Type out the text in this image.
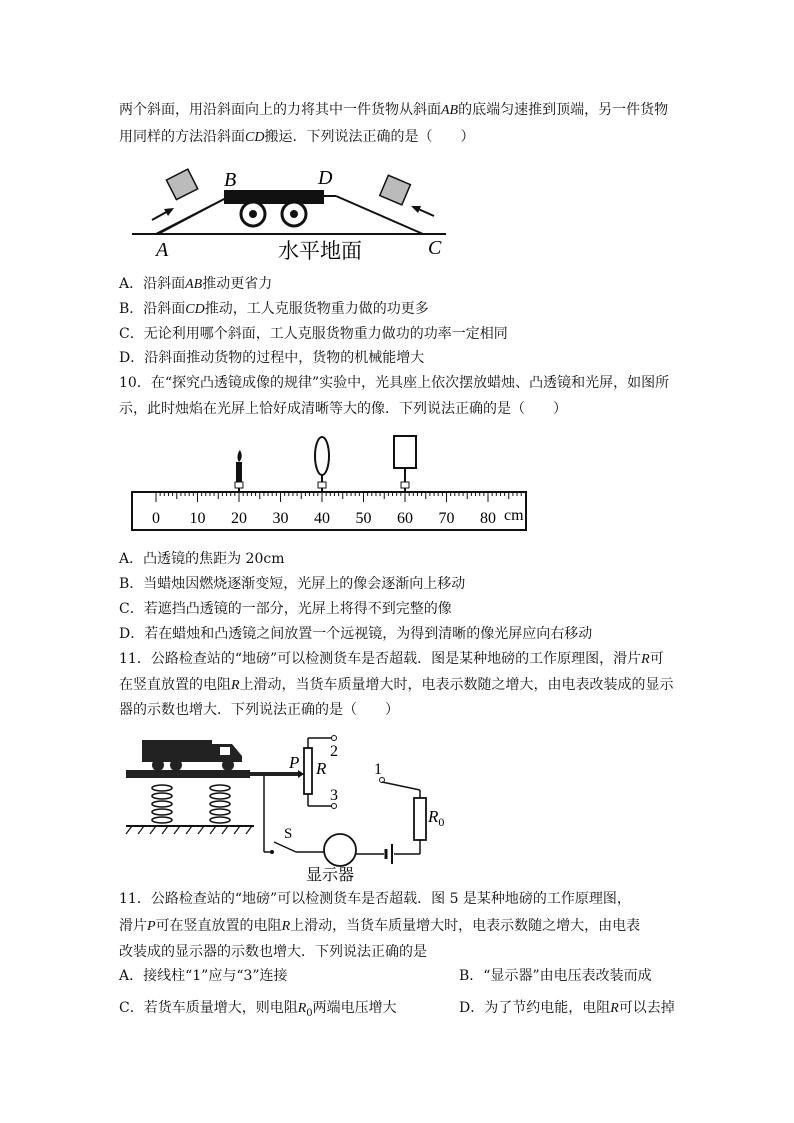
两个斜面，用沿斜面向上的力将其中一件货物从斜面AB的底端匀速推到顶端，另一件货物
用同样的方法沿斜面CD搬运．下列说法正确的是（　　）
A
B	D
C
水平地面
A．沿斜面AB推动更省力
B．沿斜面CD推动，工人克服货物重力做的功更多
C．无论利用哪个斜面，工人克服货物重力做功的功率一定相同
D．沿斜面推动货物的过程中，货物的机械能增大
10．在“探究凸透镜成像的规律”实验中，光具座上依次摆放蜡烛、凸透镜和光屏，如图所
示，此时烛焰在光屏上恰好成清晰等大的像．下列说法正确的是（　　）
0 10 20 30 40 50 60 70 80 cm
A．凸透镜的焦距为 20cm
B．当蜡烛因燃烧逐渐变短，光屏上的像会逐渐向上移动
C．若遮挡凸透镜的一部分，光屏上将得不到完整的像
D．若在蜡烛和凸透镜之间放置一个远视镜，为得到清晰的像光屏应向右移动
11．公路检查站的“地磅”可以检测货车是否超载．图是某种地磅的工作原理图，滑片R可
在竖直放置的电阻R上滑动，当货车质量增大时，电表示数随之增大，由电表改装成的显示
器的示数也增大．下列说法正确的是（　　）
P R
2
3
1
$R_0$
S
显示器
11．公路检查站的“地磅”可以检测货车是否超载．图 5 是某种地磅的工作原理图，
滑片P可在竖直放置的电阻R上滑动，当货车质量增大时，电表示数随之增大，由电表
改装成的显示器的示数也增大．下列说法正确的是
A．接线柱“1”应与“3”连接	B．“显示器”由电压表改装而成
C．若货车质量增大，则电阻$R_0$两端电压增大	D．为了节约电能，电阻R可以去掉
